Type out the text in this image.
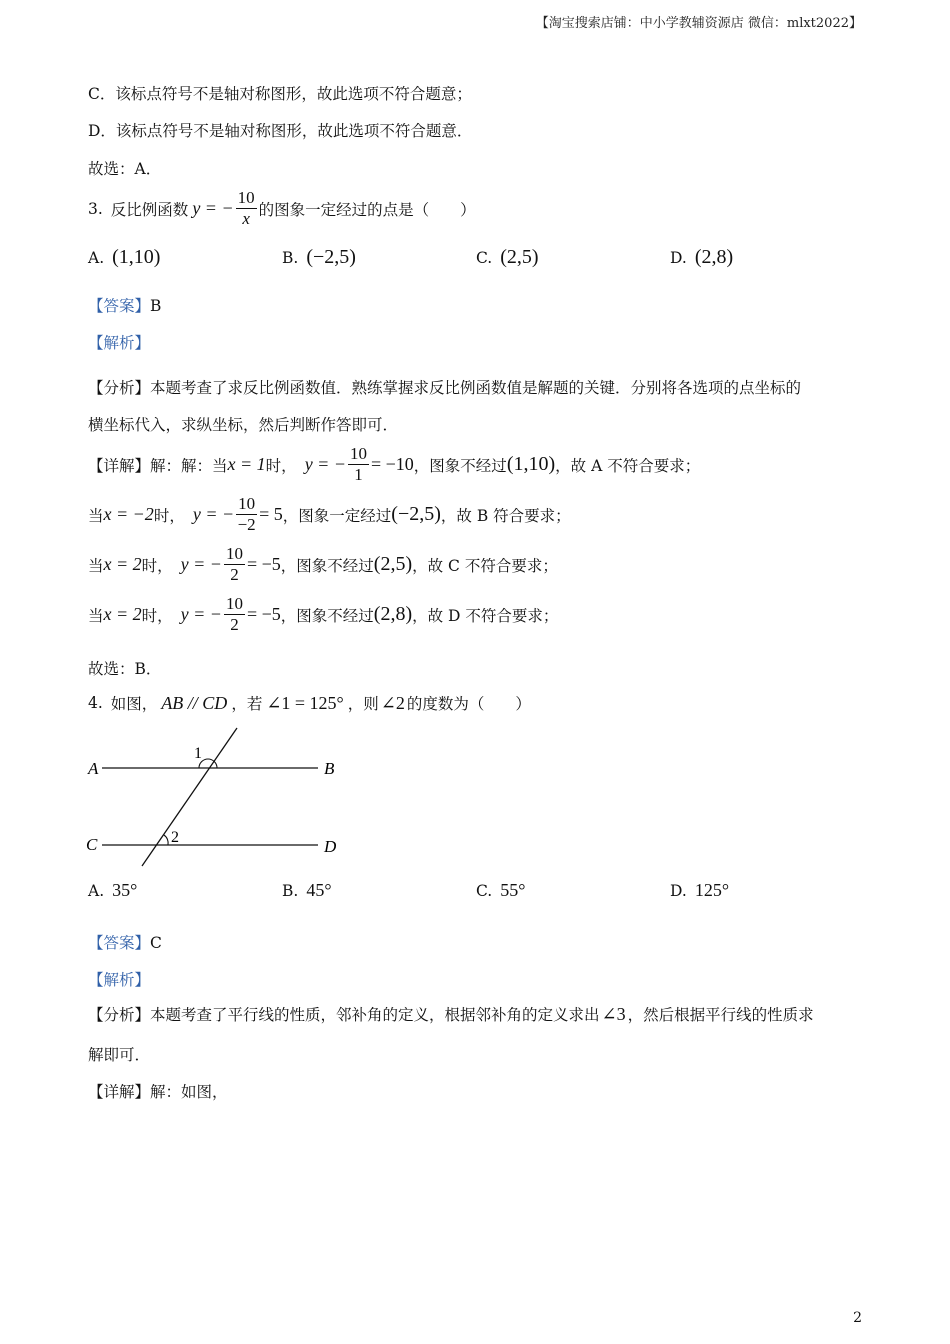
【淘宝搜索店铺：中小学教辅资源店 微信：mlxt2022】
C．该标点符号不是轴对称图形，故此选项不符合题意；
D．该标点符号不是轴对称图形，故此选项不符合题意．
故选：A．
3. 反比例函数 y = − $\frac{10}{x}$ 的图象一定经过的点是（　　）
A. (1,10)	B. (−2,5)	C. (2,5)	D. (2,8)
【答案】B
【解析】
【分析】本题考查了求反比例函数值．熟练掌握求反比例函数值是解题的关键．分别将各选项的点坐标的
横坐标代入，求纵坐标，然后判断作答即可．
【详解】 解：解：当 x = 1 时， y = − $\frac{10}{1} = -10$ ，图象不经过 (1,10) ，故 A 不符合要求；
当 x = −2 时， y = − $\frac{10}{-2} = 5$ ，图象一定经过 (−2,5) ，故 B 符合要求；
当 x = 2 时， y = − $\frac{10}{2} = -5$ ，图象不经过 (2,5) ，故 C 不符合要求；
当 x = 2 时， y = − $\frac{10}{2} = -5$ ，图象不经过 (2,8) ，故 D 不符合要求；
故选：B．
4. 如图， AB // CD ，若 ∠1 = 125° ，则 ∠2 的度数为（　　）
A	B
C	D
1
2
A. 35°	B. 45°	C. 55°	D. 125°
【答案】C
【解析】
【分析】 本题考查了平行线的性质，邻补角的定义，根据邻补角的定义求出 ∠3 ，然后根据平行线的性质求
解即可．
【详解】解：如图，
2
